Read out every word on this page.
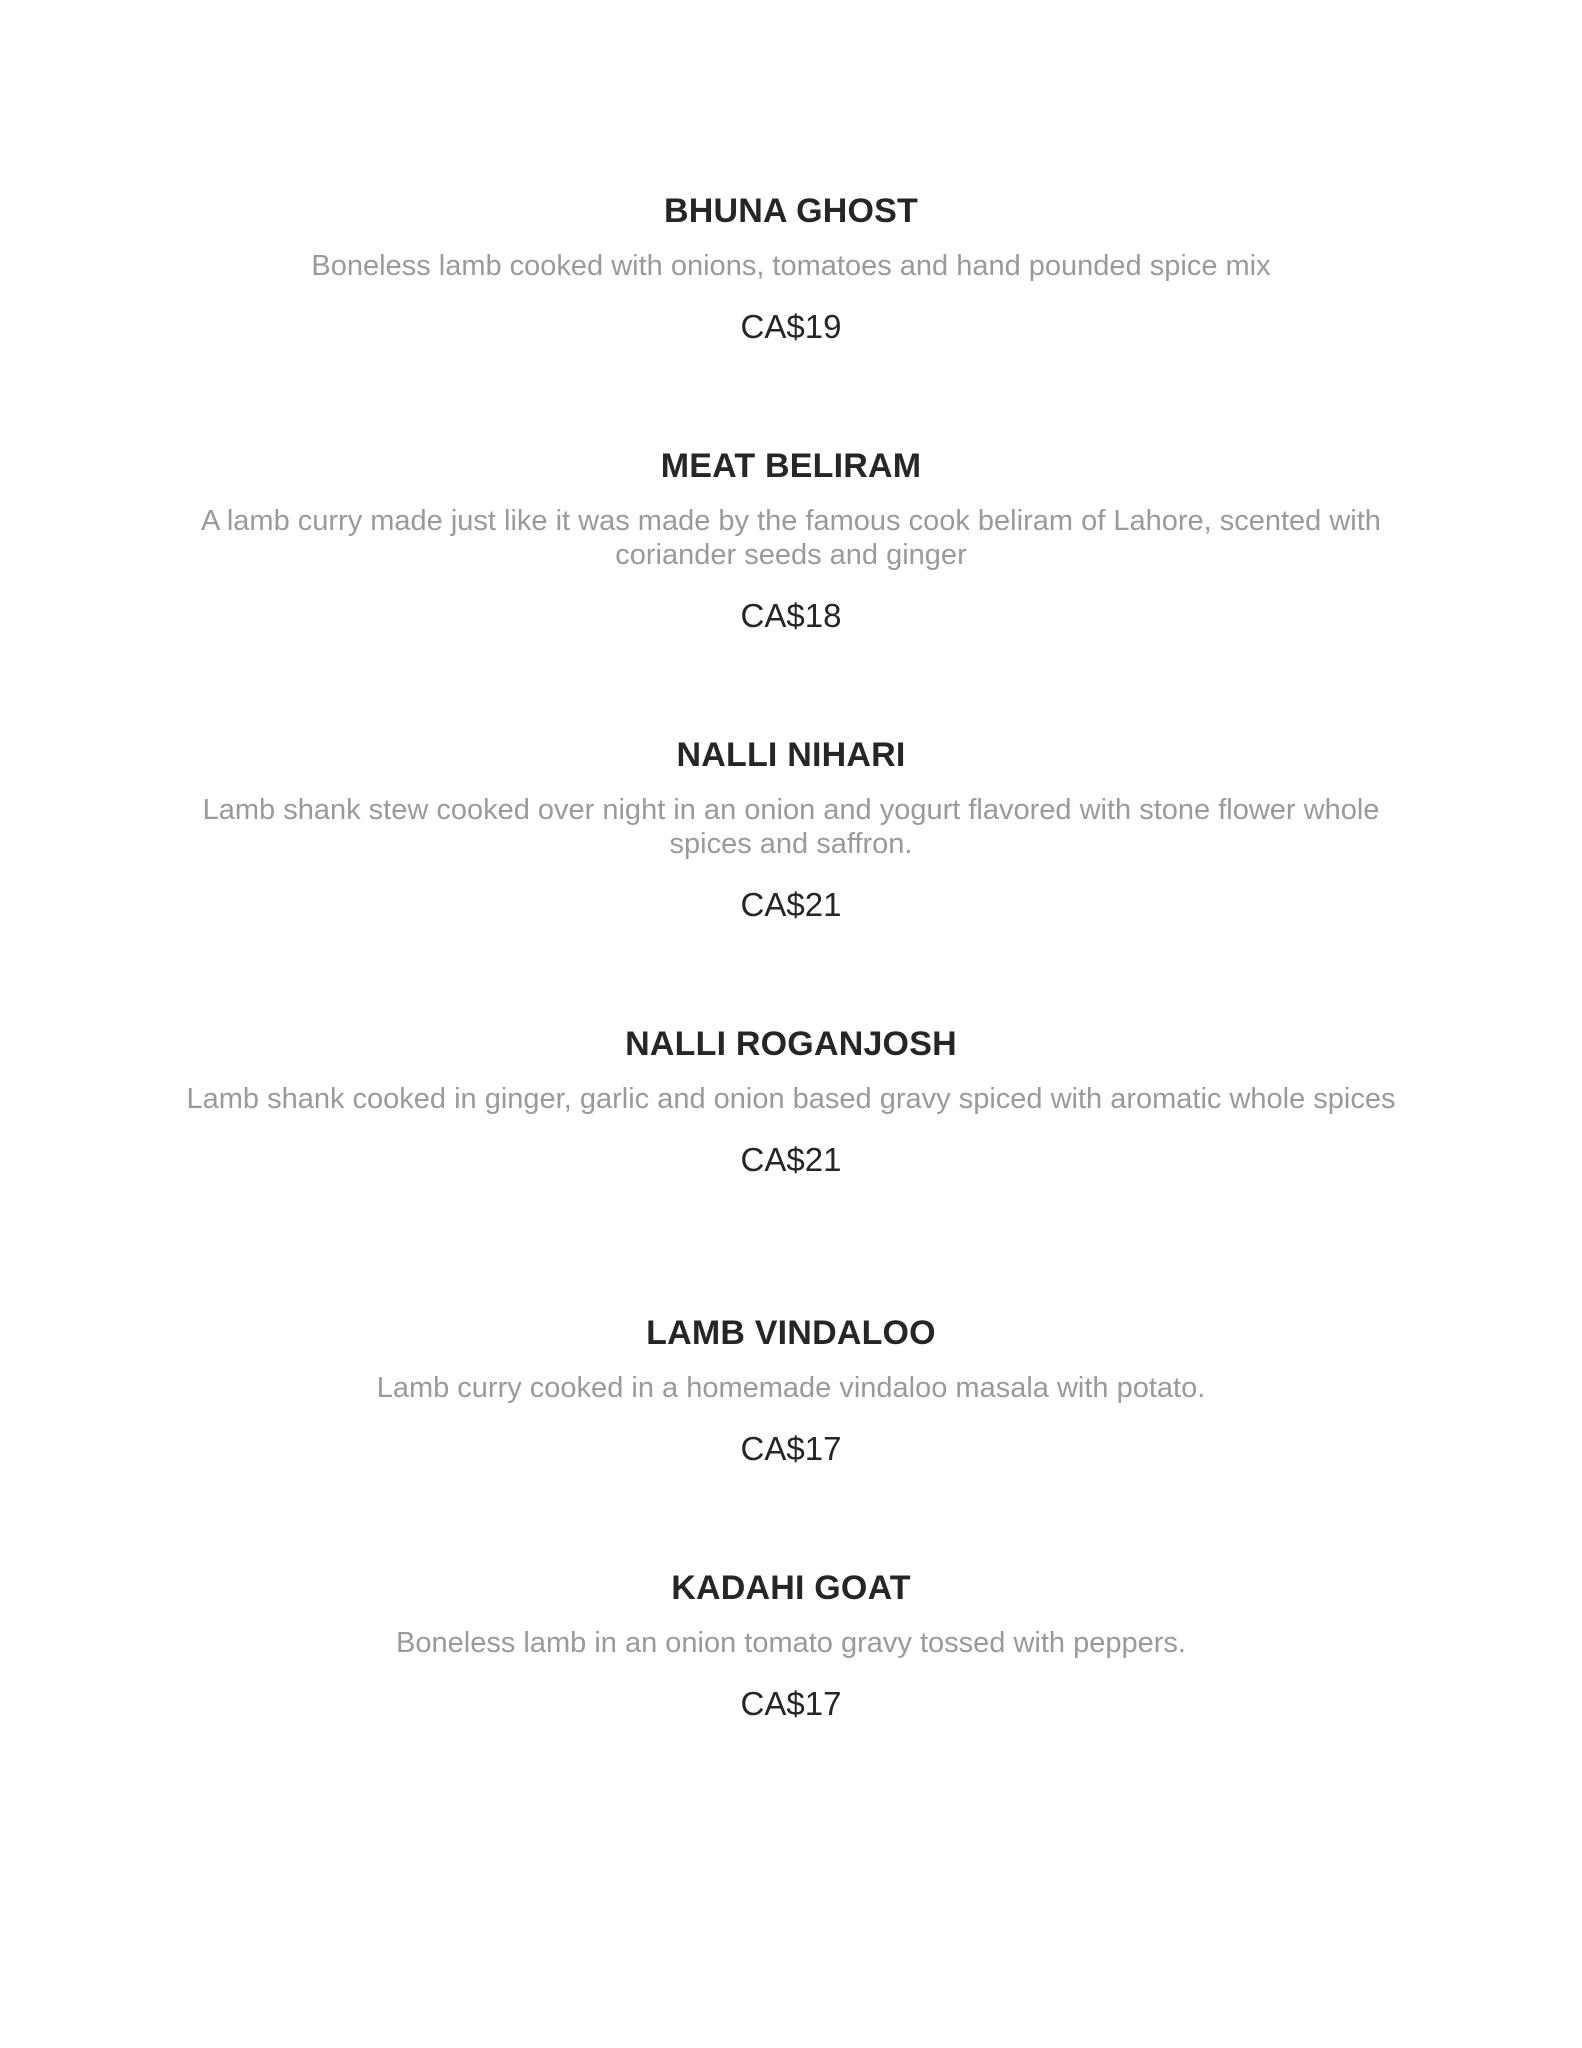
BHUNA GHOST
Boneless lamb cooked with onions, tomatoes and hand pounded spice mix
CA$19
MEAT BELIRAM
A lamb curry made just like it was made by the famous cook beliram of Lahore, scented with coriander seeds and ginger
CA$18
NALLI NIHARI
Lamb shank stew cooked over night in an onion and yogurt flavored with stone flower whole spices and saffron.
CA$21
NALLI ROGANJOSH
Lamb shank cooked in ginger, garlic and onion based gravy spiced with aromatic whole spices
CA$21
LAMB VINDALOO
Lamb curry cooked in a homemade vindaloo masala with potato.
CA$17
KADAHI GOAT
Boneless lamb in an onion tomato gravy tossed with peppers.
CA$17
